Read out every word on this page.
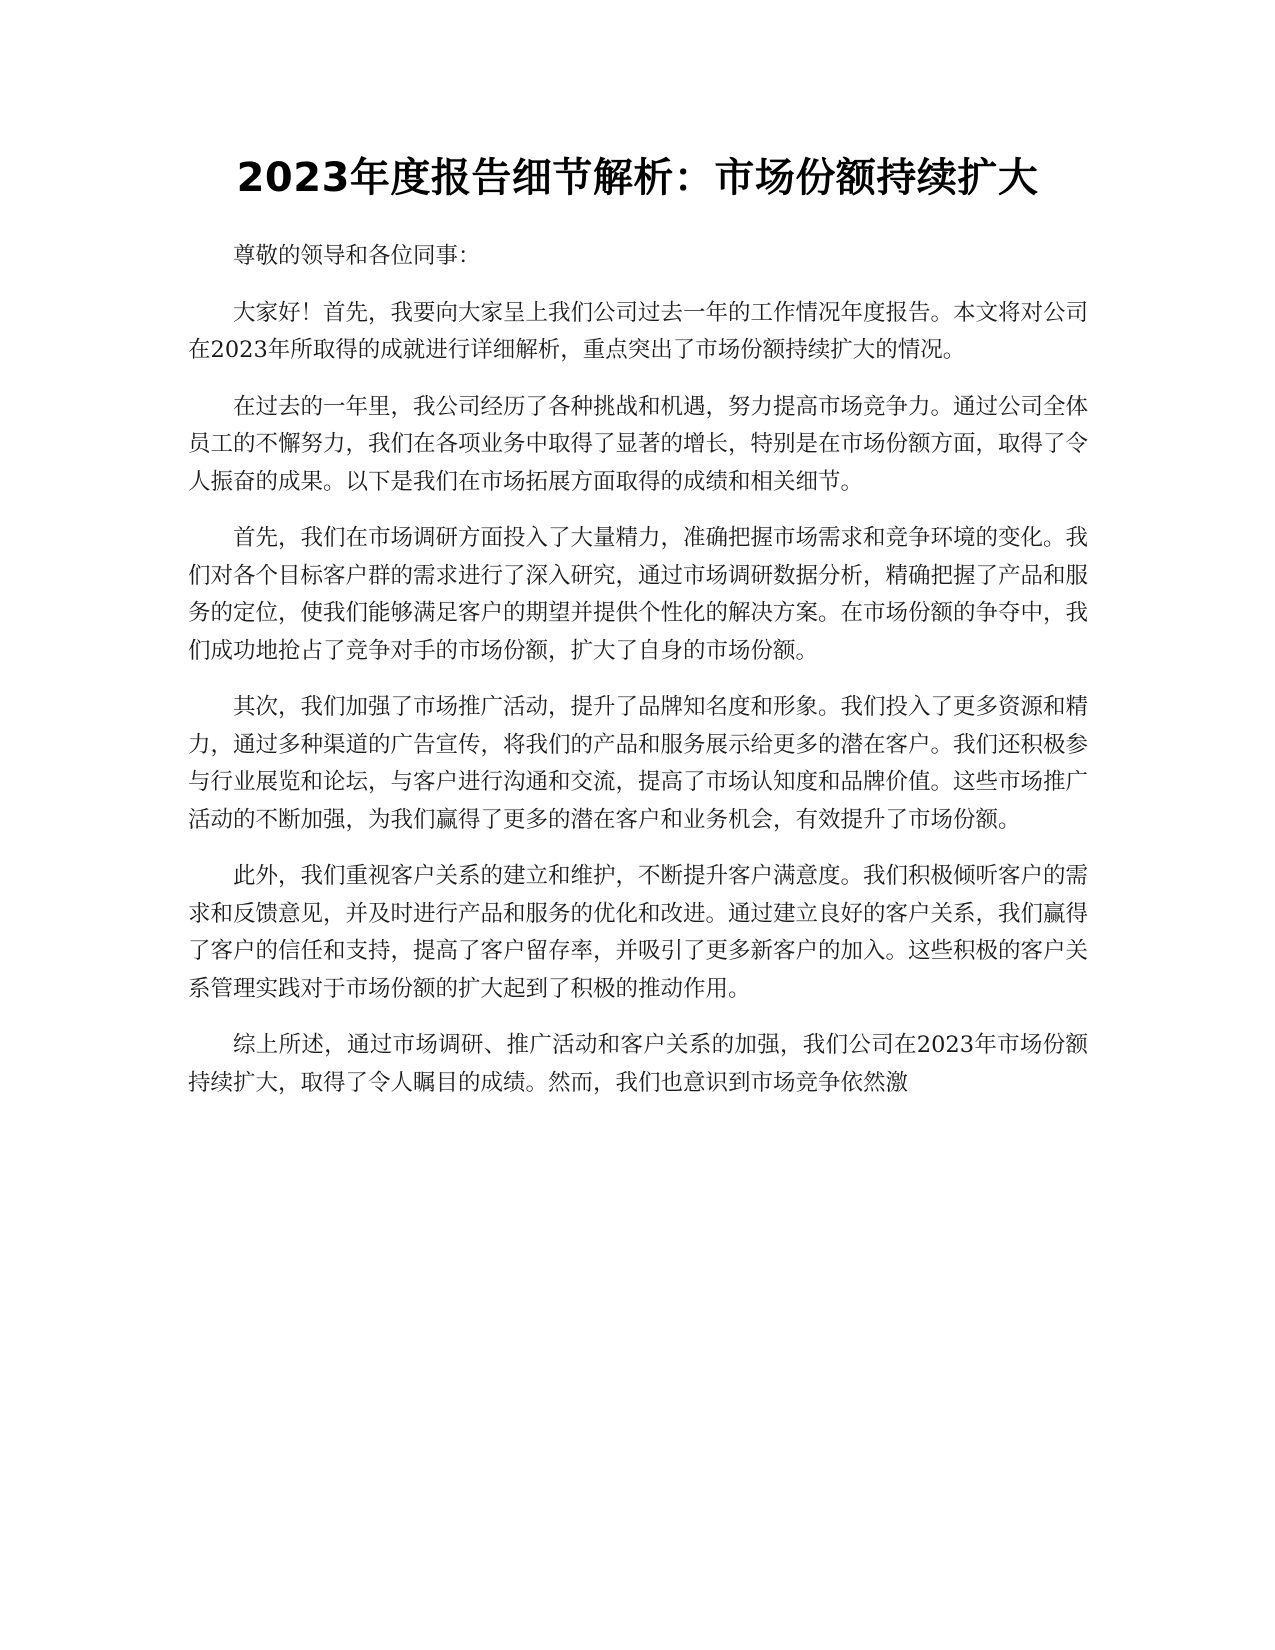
2023年度报告细节解析：市场份额持续扩大

尊敬的领导和各位同事：

大家好！首先，我要向大家呈上我们公司过去一年的工作情况年度报告。本文将对公司在2023年所取得的成就进行详细解析，重点突出了市场份额持续扩大的情况。

在过去的一年里，我公司经历了各种挑战和机遇，努力提高市场竞争力。通过公司全体员工的不懈努力，我们在各项业务中取得了显著的增长，特别是在市场份额方面，取得了令人振奋的成果。以下是我们在市场拓展方面取得的成绩和相关细节。

首先，我们在市场调研方面投入了大量精力，准确把握市场需求和竞争环境的变化。我们对各个目标客户群的需求进行了深入研究，通过市场调研数据分析，精确把握了产品和服务的定位，使我们能够满足客户的期望并提供个性化的解决方案。在市场份额的争夺中，我们成功地抢占了竞争对手的市场份额，扩大了自身的市场份额。

其次，我们加强了市场推广活动，提升了品牌知名度和形象。我们投入了更多资源和精力，通过多种渠道的广告宣传，将我们的产品和服务展示给更多的潜在客户。我们还积极参与行业展览和论坛，与客户进行沟通和交流，提高了市场认知度和品牌价值。这些市场推广活动的不断加强，为我们赢得了更多的潜在客户和业务机会，有效提升了市场份额。

此外，我们重视客户关系的建立和维护，不断提升客户满意度。我们积极倾听客户的需求和反馈意见，并及时进行产品和服务的优化和改进。通过建立良好的客户关系，我们赢得了客户的信任和支持，提高了客户留存率，并吸引了更多新客户的加入。这些积极的客户关系管理实践对于市场份额的扩大起到了积极的推动作用。

综上所述，通过市场调研、推广活动和客户关系的加强，我们公司在2023年市场份额持续扩大，取得了令人瞩目的成绩。然而，我们也意识到市场竞争依然激
